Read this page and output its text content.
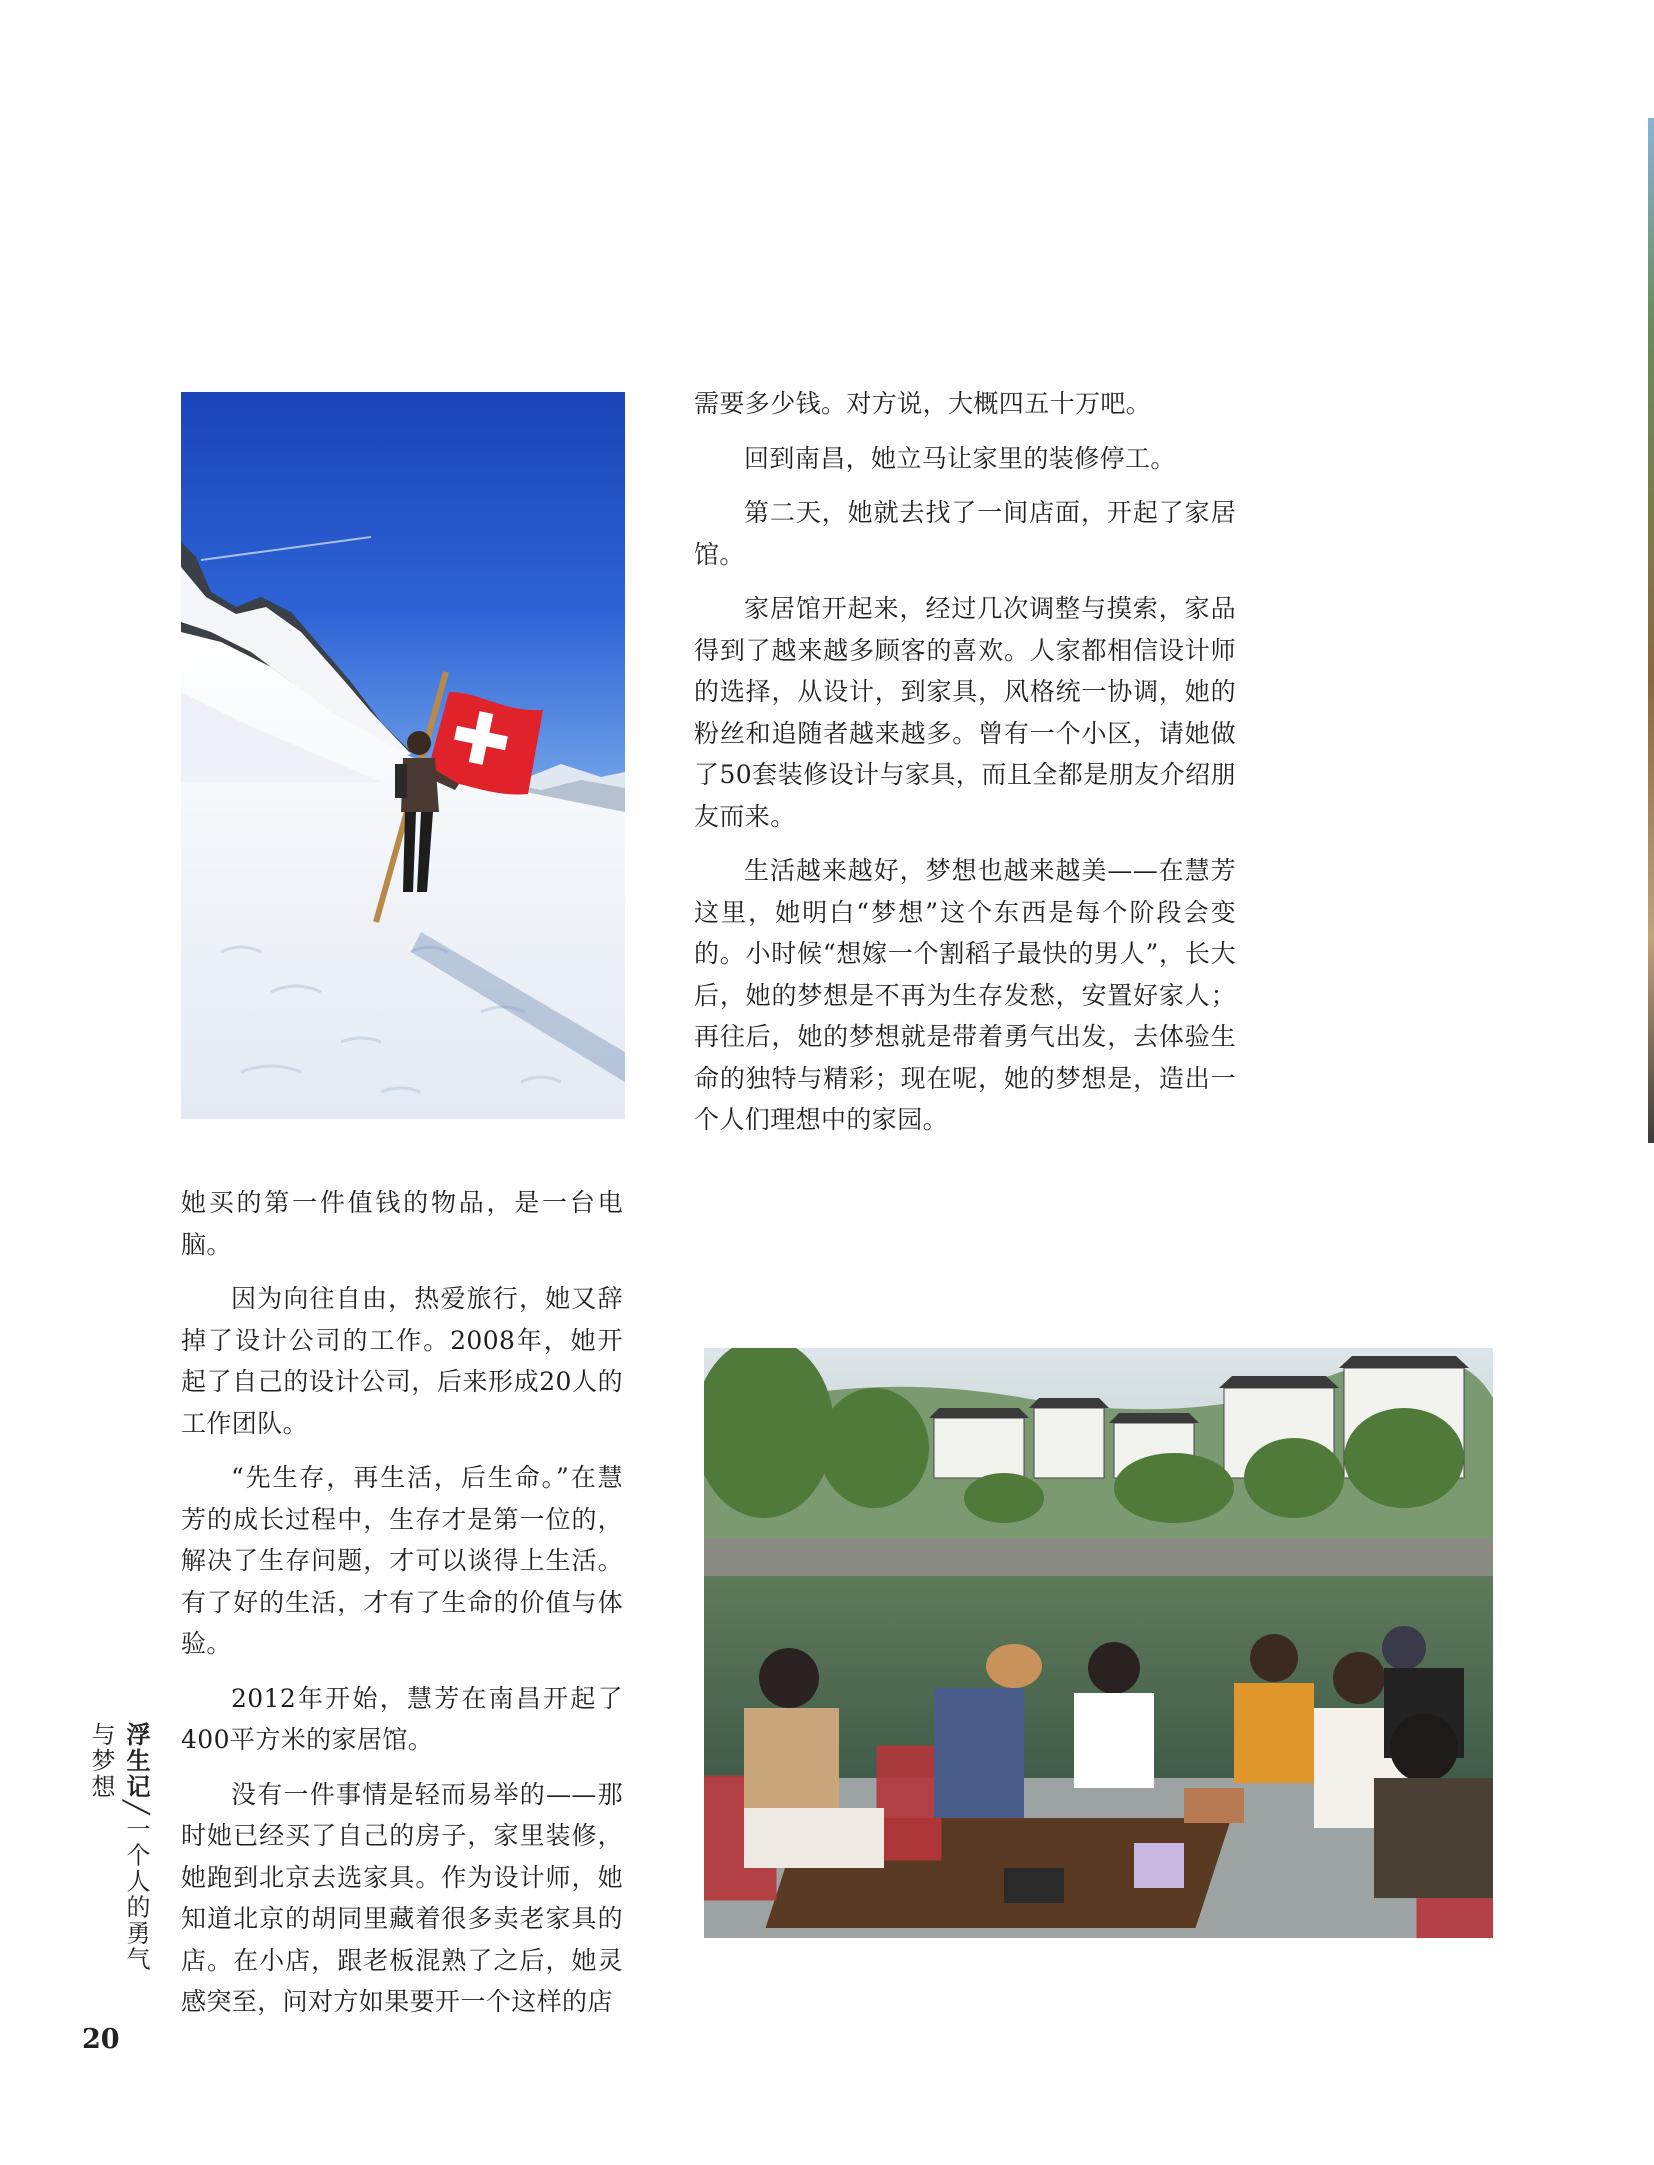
需要多少钱。对方说，大概四五十万吧。

回到南昌，她立马让家里的装修停工。

第二天，她就去找了一间店面，开起了家居馆。

家居馆开起来，经过几次调整与摸索，家品得到了越来越多顾客的喜欢。人家都相信设计师的选择，从设计，到家具，风格统一协调，她的粉丝和追随者越来越多。曾有一个小区，请她做了50套装修设计与家具，而且全都是朋友介绍朋友而来。

生活越来越好，梦想也越来越美——在慧芳这里，她明白“梦想”这个东西是每个阶段会变的。小时候“想嫁一个割稻子最快的男人”，长大后，她的梦想是不再为生存发愁，安置好家人；再往后，她的梦想就是带着勇气出发，去体验生命的独特与精彩；现在呢，她的梦想是，造出一个人们理想中的家园。

她买的第一件值钱的物品，是一台电脑。

因为向往自由，热爱旅行，她又辞掉了设计公司的工作。2008年，她开起了自己的设计公司，后来形成20人的工作团队。

“先生存，再生活，后生命。”在慧芳的成长过程中，生存才是第一位的，解决了生存问题，才可以谈得上生活。有了好的生活，才有了生命的价值与体验。

2012年开始，慧芳在南昌开起了400平方米的家居馆。

没有一件事情是轻而易举的——那时她已经买了自己的房子，家里装修，她跑到北京去选家具。作为设计师，她知道北京的胡同里藏着很多卖老家具的店。在小店，跟老板混熟了之后，她灵感突至，问对方如果要开一个这样的店

浮生记╱一个人的勇气与梦想
20
